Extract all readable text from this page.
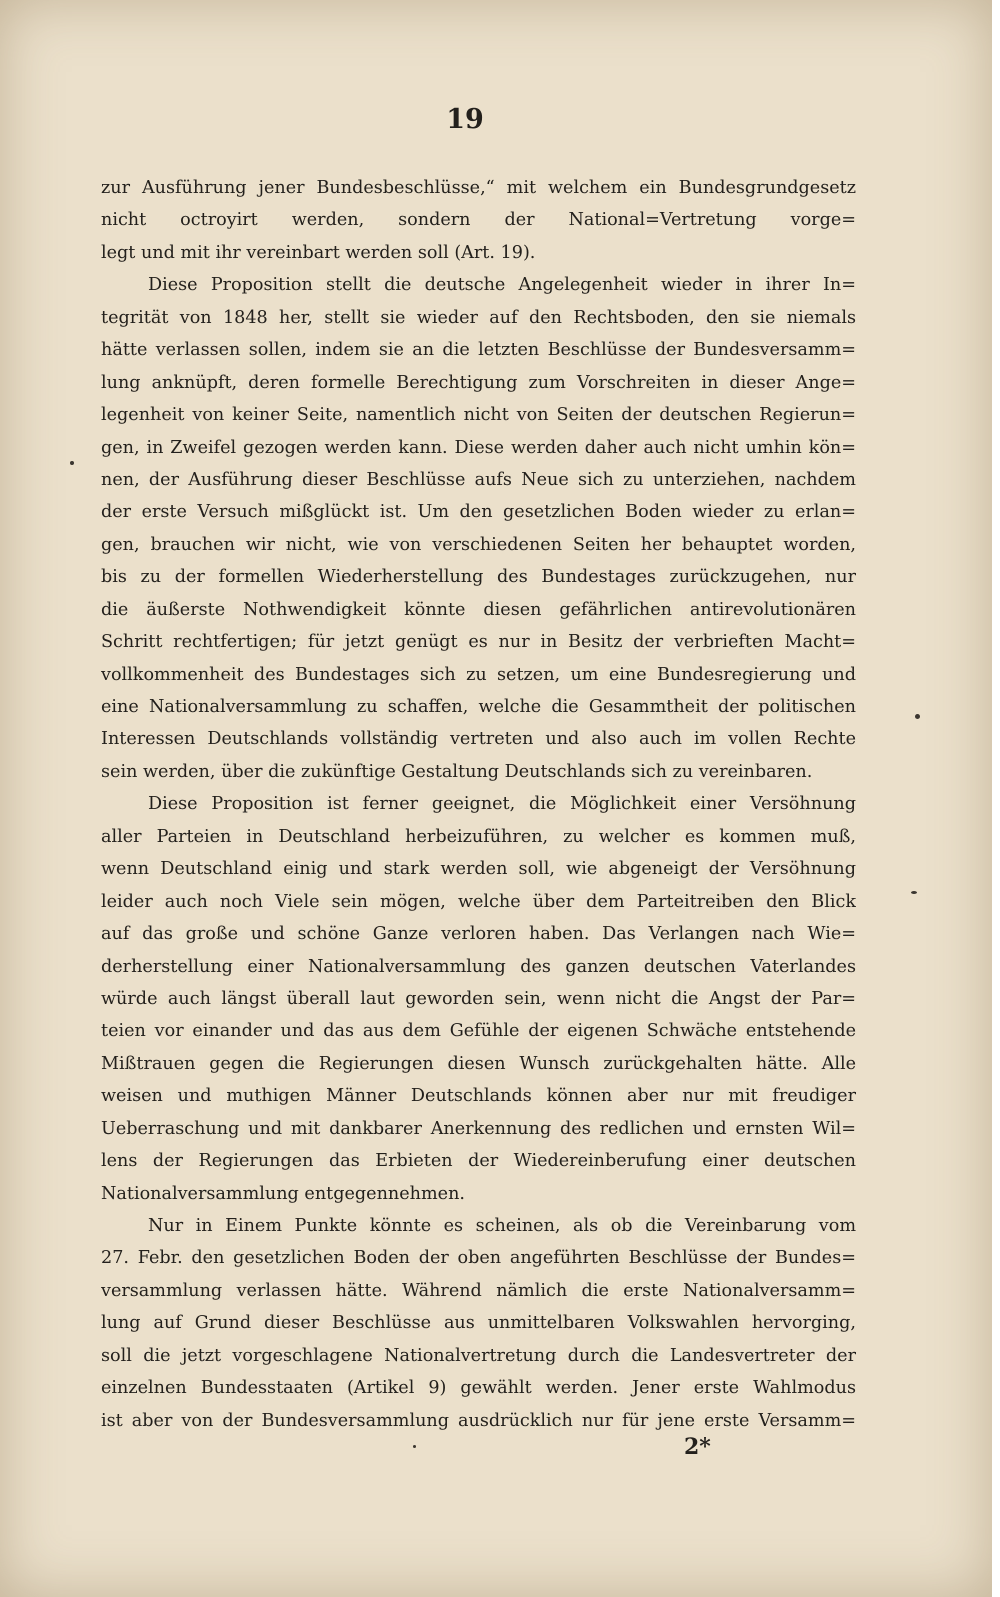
19
zur Ausführung jener Bundesbeschlüsse,“ mit welchem ein Bundesgrundgesetz
nicht octroyirt werden, sondern der National=Vertretung vorge=
legt und mit ihr vereinbart werden soll (Art. 19).
Diese Proposition stellt die deutsche Angelegenheit wieder in ihrer In=
tegrität von 1848 her, stellt sie wieder auf den Rechtsboden, den sie niemals
hätte verlassen sollen, indem sie an die letzten Beschlüsse der Bundesversamm=
lung anknüpft, deren formelle Berechtigung zum Vorschreiten in dieser Ange=
legenheit von keiner Seite, namentlich nicht von Seiten der deutschen Regierun=
gen, in Zweifel gezogen werden kann. Diese werden daher auch nicht umhin kön=
nen, der Ausführung dieser Beschlüsse aufs Neue sich zu unterziehen, nachdem
der erste Versuch mißglückt ist. Um den gesetzlichen Boden wieder zu erlan=
gen, brauchen wir nicht, wie von verschiedenen Seiten her behauptet worden,
bis zu der formellen Wiederherstellung des Bundestages zurückzugehen, nur
die äußerste Nothwendigkeit könnte diesen gefährlichen antirevolutionären
Schritt rechtfertigen; für jetzt genügt es nur in Besitz der verbrieften Macht=
vollkommenheit des Bundestages sich zu setzen, um eine Bundesregierung und
eine Nationalversammlung zu schaffen, welche die Gesammtheit der politischen
Interessen Deutschlands vollständig vertreten und also auch im vollen Rechte
sein werden, über die zukünftige Gestaltung Deutschlands sich zu vereinbaren.
Diese Proposition ist ferner geeignet, die Möglichkeit einer Versöhnung
aller Parteien in Deutschland herbeizuführen, zu welcher es kommen muß,
wenn Deutschland einig und stark werden soll, wie abgeneigt der Versöhnung
leider auch noch Viele sein mögen, welche über dem Parteitreiben den Blick
auf das große und schöne Ganze verloren haben. Das Verlangen nach Wie=
derherstellung einer Nationalversammlung des ganzen deutschen Vaterlandes
würde auch längst überall laut geworden sein, wenn nicht die Angst der Par=
teien vor einander und das aus dem Gefühle der eigenen Schwäche entstehende
Mißtrauen gegen die Regierungen diesen Wunsch zurückgehalten hätte. Alle
weisen und muthigen Männer Deutschlands können aber nur mit freudiger
Ueberraschung und mit dankbarer Anerkennung des redlichen und ernsten Wil=
lens der Regierungen das Erbieten der Wiedereinberufung einer deutschen
Nationalversammlung entgegennehmen.
Nur in Einem Punkte könnte es scheinen, als ob die Vereinbarung vom
27. Febr. den gesetzlichen Boden der oben angeführten Beschlüsse der Bundes=
versammlung verlassen hätte. Während nämlich die erste Nationalversamm=
lung auf Grund dieser Beschlüsse aus unmittelbaren Volkswahlen hervorging,
soll die jetzt vorgeschlagene Nationalvertretung durch die Landesvertreter der
einzelnen Bundesstaaten (Artikel 9) gewählt werden. Jener erste Wahlmodus
ist aber von der Bundesversammlung ausdrücklich nur für jene erste Versamm=
2*
